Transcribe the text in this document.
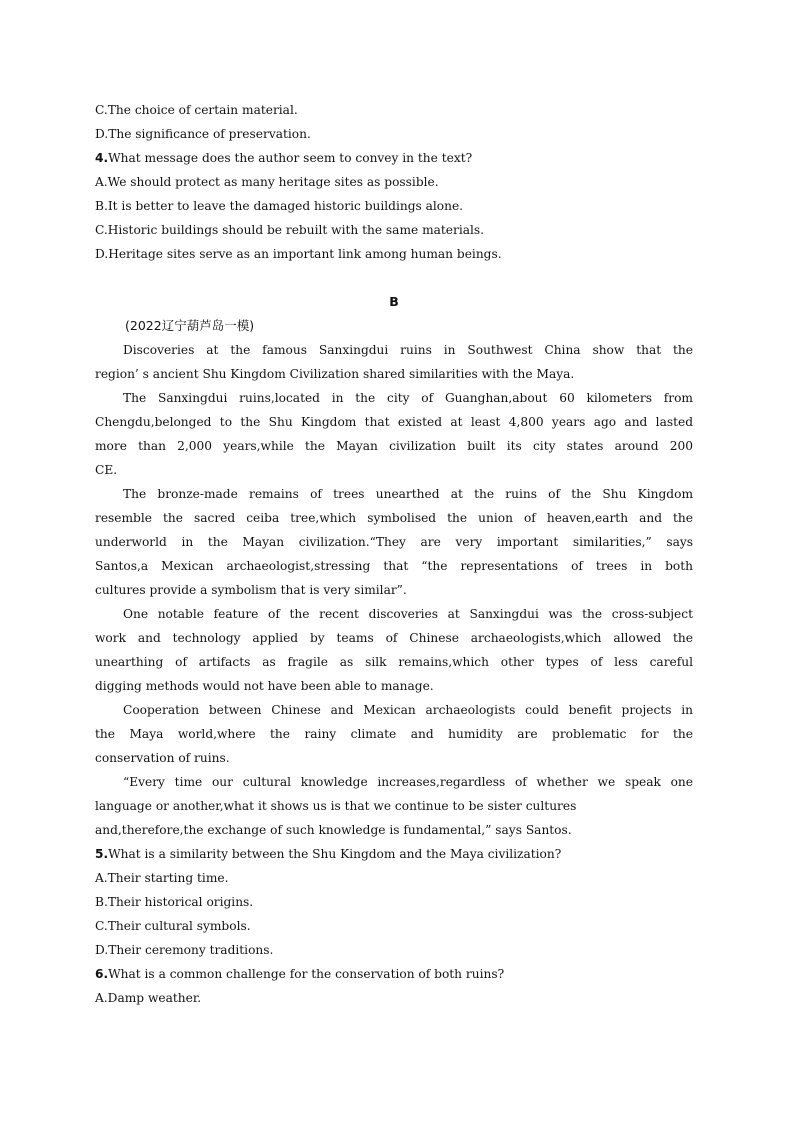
C.The choice of certain material.
D.The significance of preservation.
4.What message does the author seem to convey in the text?
A.We should protect as many heritage sites as possible.
B.It is better to leave the damaged historic buildings alone.
C.Historic buildings should be rebuilt with the same materials.
D.Heritage sites serve as an important link among human beings.
B
(2022辽宁葫芦岛一模)
Discoveries at the famous Sanxingdui ruins in Southwest China show that the
region’ s ancient Shu Kingdom Civilization shared similarities with the Maya.
The Sanxingdui ruins,located in the city of Guanghan,about 60 kilometers from
Chengdu,belonged to the Shu Kingdom that existed at least 4,800 years ago and lasted
more than 2,000 years,while the Mayan civilization built its city states around 200
CE.
The bronze-made remains of trees unearthed at the ruins of the Shu Kingdom
resemble the sacred ceiba tree,which symbolised the union of heaven,earth and the
underworld in the Mayan civilization.“They are very important similarities,” says
Santos,a Mexican archaeologist,stressing that “the representations of trees in both
cultures provide a symbolism that is very similar”.
One notable feature of the recent discoveries at Sanxingdui was the cross-subject
work and technology applied by teams of Chinese archaeologists,which allowed the
unearthing of artifacts as fragile as silk remains,which other types of less careful
digging methods would not have been able to manage.
Cooperation between Chinese and Mexican archaeologists could benefit projects in
the Maya world,where the rainy climate and humidity are problematic for the
conservation of ruins.
“Every time our cultural knowledge increases,regardless of whether we speak one
language or another,what it shows us is that we continue to be sister cultures
and,therefore,the exchange of such knowledge is fundamental,” says Santos.
5.What is a similarity between the Shu Kingdom and the Maya civilization?
A.Their starting time.
B.Their historical origins.
C.Their cultural symbols.
D.Their ceremony traditions.
6.What is a common challenge for the conservation of both ruins?
A.Damp weather.
